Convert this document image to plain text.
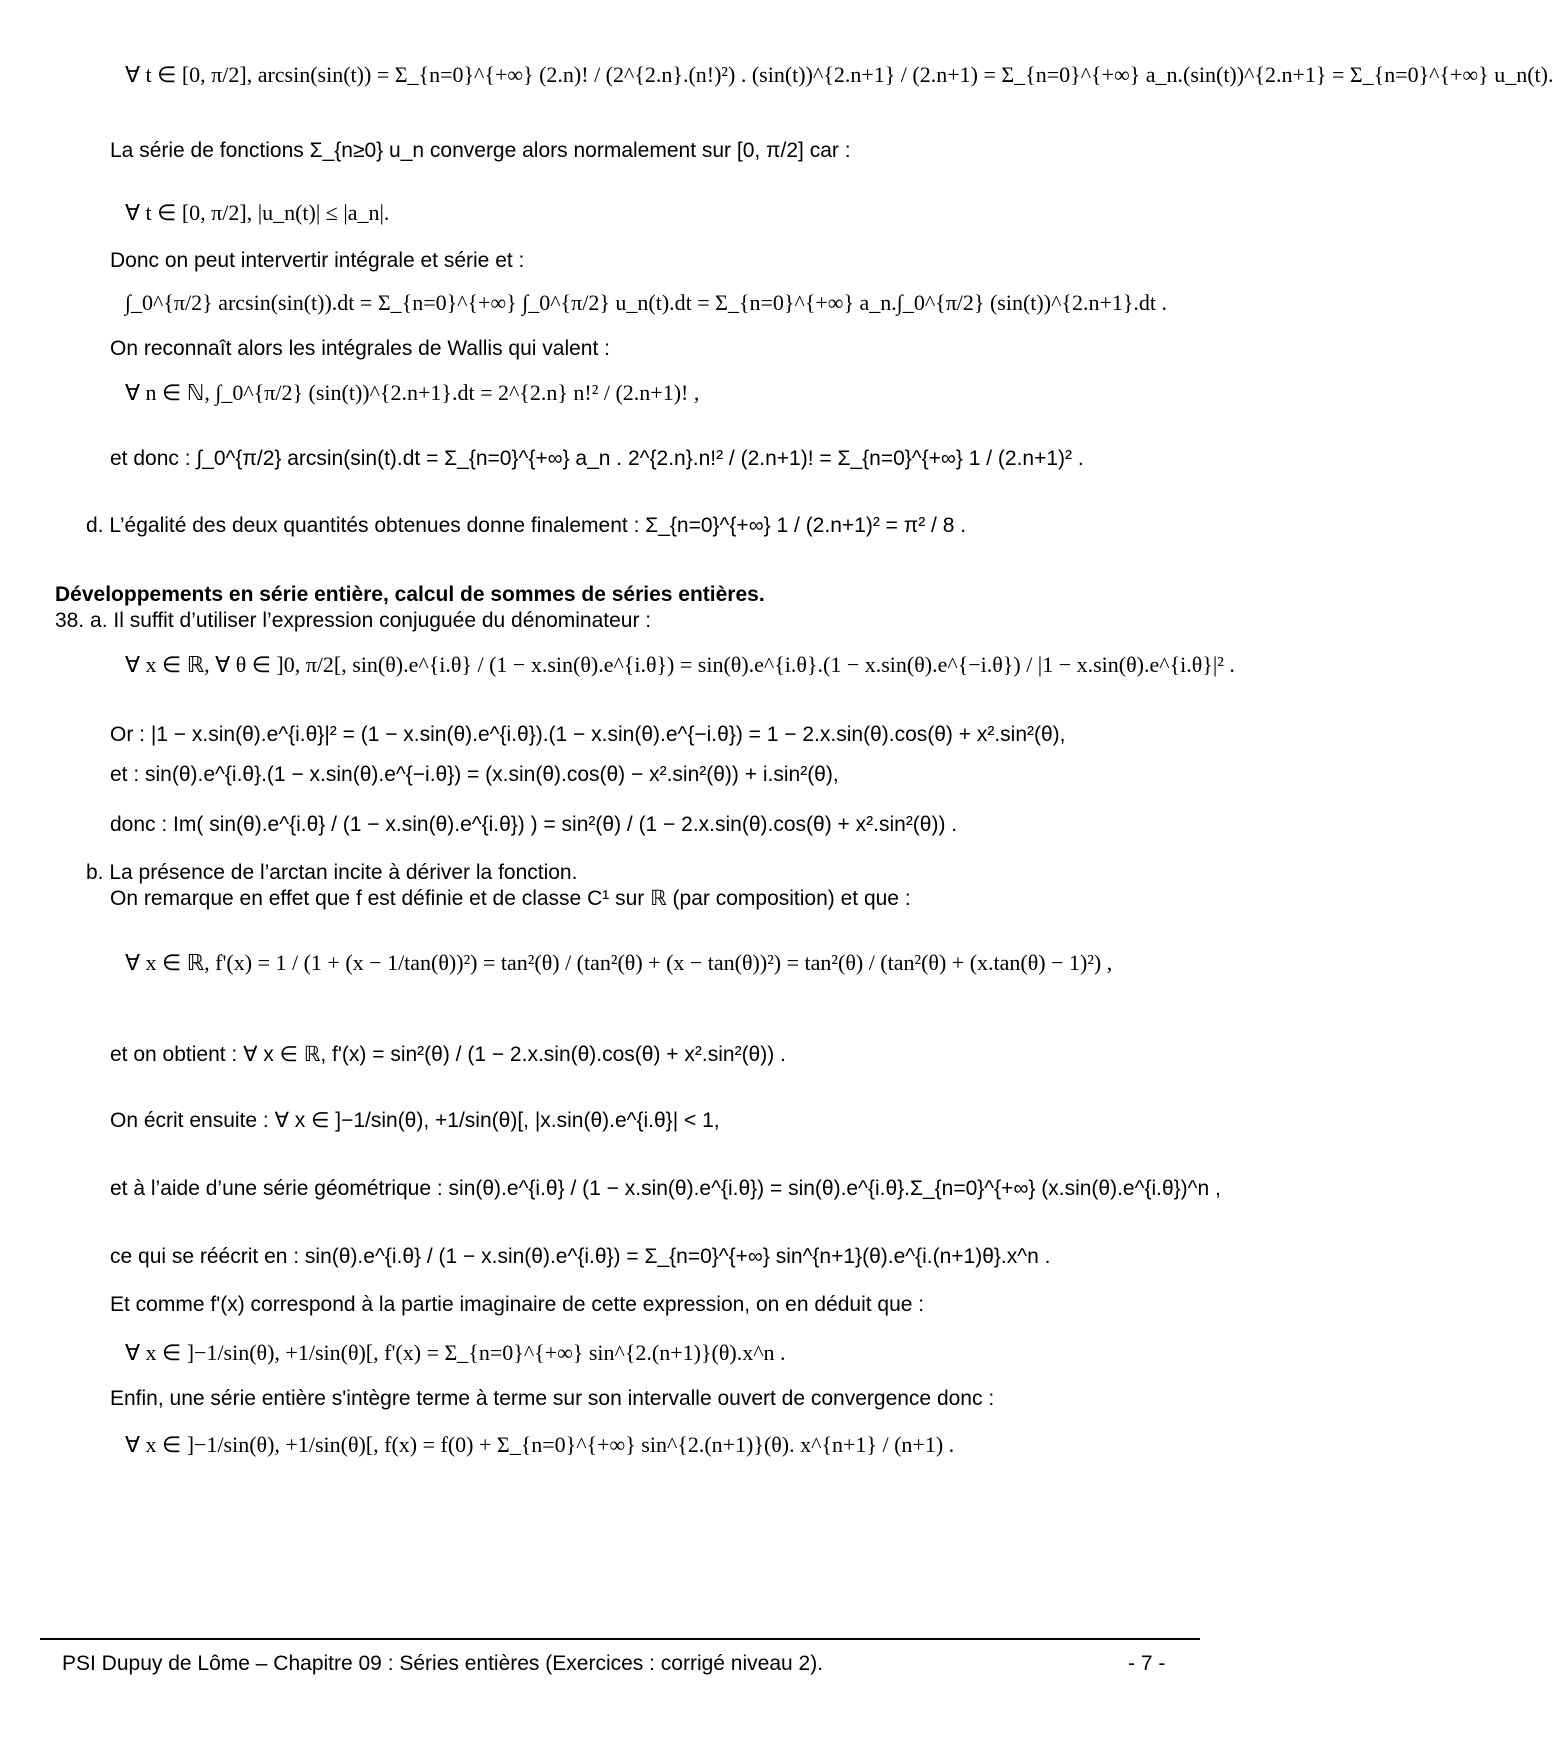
∀ t ∈ [0, π/2], arcsin(sin(t)) = Σ_{n=0}^{+∞} (2.n)! / (2^{2.n}.(n!)²) . (sin(t))^{2.n+1} / (2.n+1) = Σ_{n=0}^{+∞} a_n.(sin(t))^{2.n+1} = Σ_{n=0}^{+∞} u_n(t).
La série de fonctions Σ_{n≥0} u_n converge alors normalement sur [0, π/2] car :
∀ t ∈ [0, π/2], |u_n(t)| ≤ |a_n|.
Donc on peut intervertir intégrale et série et :
∫_0^{π/2} arcsin(sin(t)).dt = Σ_{n=0}^{+∞} ∫_0^{π/2} u_n(t).dt = Σ_{n=0}^{+∞} a_n.∫_0^{π/2} (sin(t))^{2.n+1}.dt .
On reconnaît alors les intégrales de Wallis qui valent :
∀ n ∈ ℕ, ∫_0^{π/2} (sin(t))^{2.n+1}.dt = 2^{2.n} n!² / (2.n+1)! ,
et donc : ∫_0^{π/2} arcsin(sin(t).dt = Σ_{n=0}^{+∞} a_n . 2^{2.n}.n!² / (2.n+1)! = Σ_{n=0}^{+∞} 1 / (2.n+1)² .
d. L’égalité des deux quantités obtenues donne finalement : Σ_{n=0}^{+∞} 1 / (2.n+1)² = π² / 8 .
Développements en série entière, calcul de sommes de séries entières.
38. a. Il suffit d’utiliser l’expression conjuguée du dénominateur :
∀ x ∈ ℝ, ∀ θ ∈ ]0, π/2[, sin(θ).e^{i.θ} / (1 − x.sin(θ).e^{i.θ}) = sin(θ).e^{i.θ}.(1 − x.sin(θ).e^{−i.θ}) / |1 − x.sin(θ).e^{i.θ}|² .
Or : |1 − x.sin(θ).e^{i.θ}|² = (1 − x.sin(θ).e^{i.θ}).(1 − x.sin(θ).e^{−i.θ}) = 1 − 2.x.sin(θ).cos(θ) + x².sin²(θ),
et : sin(θ).e^{i.θ}.(1 − x.sin(θ).e^{−i.θ}) = (x.sin(θ).cos(θ) − x².sin²(θ)) + i.sin²(θ),
donc : Im( sin(θ).e^{i.θ} / (1 − x.sin(θ).e^{i.θ}) ) = sin²(θ) / (1 − 2.x.sin(θ).cos(θ) + x².sin²(θ)) .
b. La présence de l’arctan incite à dériver la fonction.
On remarque en effet que f est définie et de classe C¹ sur ℝ (par composition) et que :
∀ x ∈ ℝ, f'(x) = 1 / (1 + (x − 1/tan(θ))²) = tan²(θ) / (tan²(θ) + (x − tan(θ))²) = tan²(θ) / (tan²(θ) + (x.tan(θ) − 1)²) ,
et on obtient : ∀ x ∈ ℝ, f'(x) = sin²(θ) / (1 − 2.x.sin(θ).cos(θ) + x².sin²(θ)) .
On écrit ensuite : ∀ x ∈ ]−1/sin(θ), +1/sin(θ)[, |x.sin(θ).e^{i.θ}| < 1,
et à l’aide d’une série géométrique : sin(θ).e^{i.θ} / (1 − x.sin(θ).e^{i.θ}) = sin(θ).e^{i.θ}.Σ_{n=0}^{+∞} (x.sin(θ).e^{i.θ})^n ,
ce qui se réécrit en : sin(θ).e^{i.θ} / (1 − x.sin(θ).e^{i.θ}) = Σ_{n=0}^{+∞} sin^{n+1}(θ).e^{i.(n+1)θ}.x^n .
Et comme f'(x) correspond à la partie imaginaire de cette expression, on en déduit que :
∀ x ∈ ]−1/sin(θ), +1/sin(θ)[, f'(x) = Σ_{n=0}^{+∞} sin^{2.(n+1)}(θ).x^n .
Enfin, une série entière s'intègre terme à terme sur son intervalle ouvert de convergence donc :
∀ x ∈ ]−1/sin(θ), +1/sin(θ)[, f(x) = f(0) + Σ_{n=0}^{+∞} sin^{2.(n+1)}(θ). x^{n+1} / (n+1) .
PSI Dupuy de Lôme – Chapitre 09 : Séries entières (Exercices : corrigé niveau 2).	- 7 -
